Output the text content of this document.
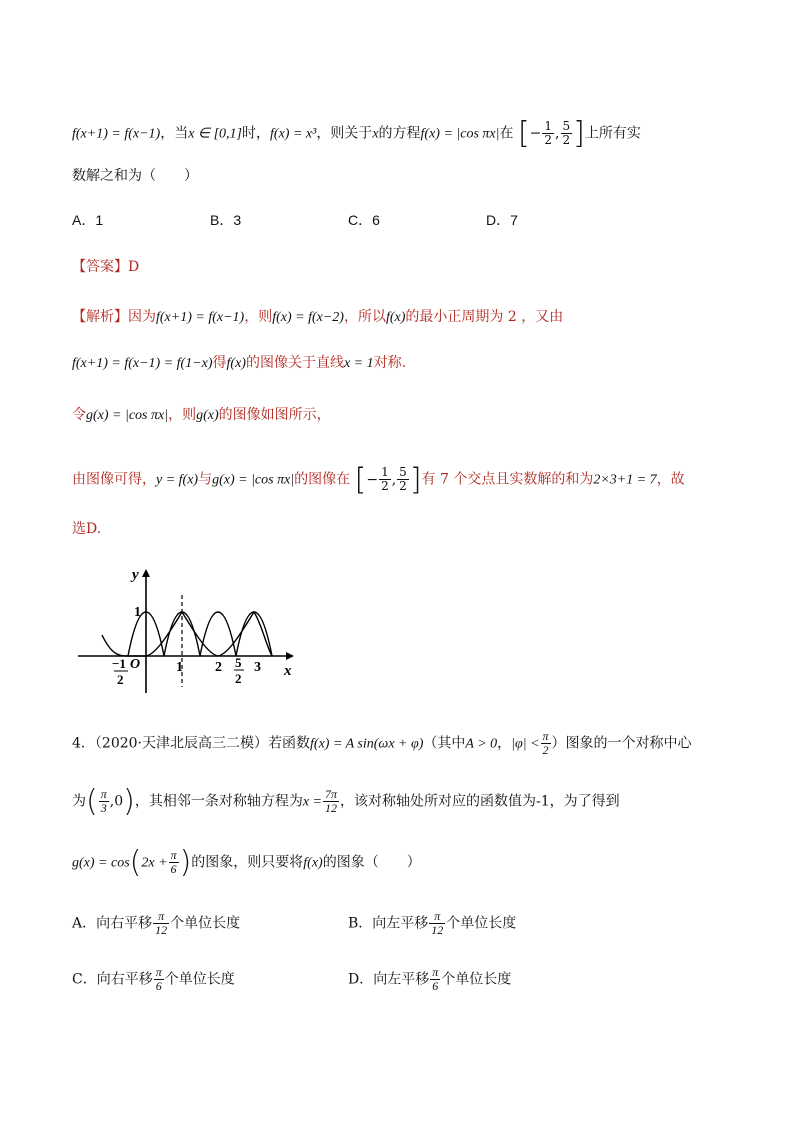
f(x+1) = f(x−1)，当x ∈ [0,1]时，f(x) = x³，则关于x的方程f(x) = |cos πx|在 [− $\frac{1}{2}$ , $\frac{5}{2}$ ]上所有实
数解之和为（　　）
A．1	B．3	C．6	D．7
【答案】D
【解析】因为f(x+1) = f(x−1)，则f(x) = f(x−2)，所以f(x)的最小正周期为 2 ，又由
f(x+1) = f(x−1) = f(1−x)得f(x)的图像关于直线x = 1对称.
令g(x) = |cos πx|，则g(x)的图像如图所示，
由图像可得，y = f(x)与g(x) = |cos πx|的图像在 [− $\frac{1}{2}$ , $\frac{5}{2}$ ]有 7 个交点且实数解的和为2×3+1 = 7，故
选D.
y
x
1
−1
2
O	1 2 5
2
3
4．（2020·天津北辰高三二模）若函数f(x) = A sin(ωx + φ)（其中A > 0，$|\varphi| < \frac{\pi}{2}$ ）图象的一个对称中心
为( $\frac{\pi}{3} ,0$)，其相邻一条对称轴方程为$x = \frac{7\pi}{12}$ ，该对称轴处所对应的函数值为-1，为了得到
$g(x) = \cos(2x + \frac{\pi}{6}$ )的图象，则只要将f(x)的图象（　　）
A．向右平移 $\frac{\pi}{12}$ 个单位长度	B．向左平移 $\frac{\pi}{12}$ 个单位长度
C．向右平移 $\frac{\pi}{6}$ 个单位长度	D．向左平移 $\frac{\pi}{6}$ 个单位长度
